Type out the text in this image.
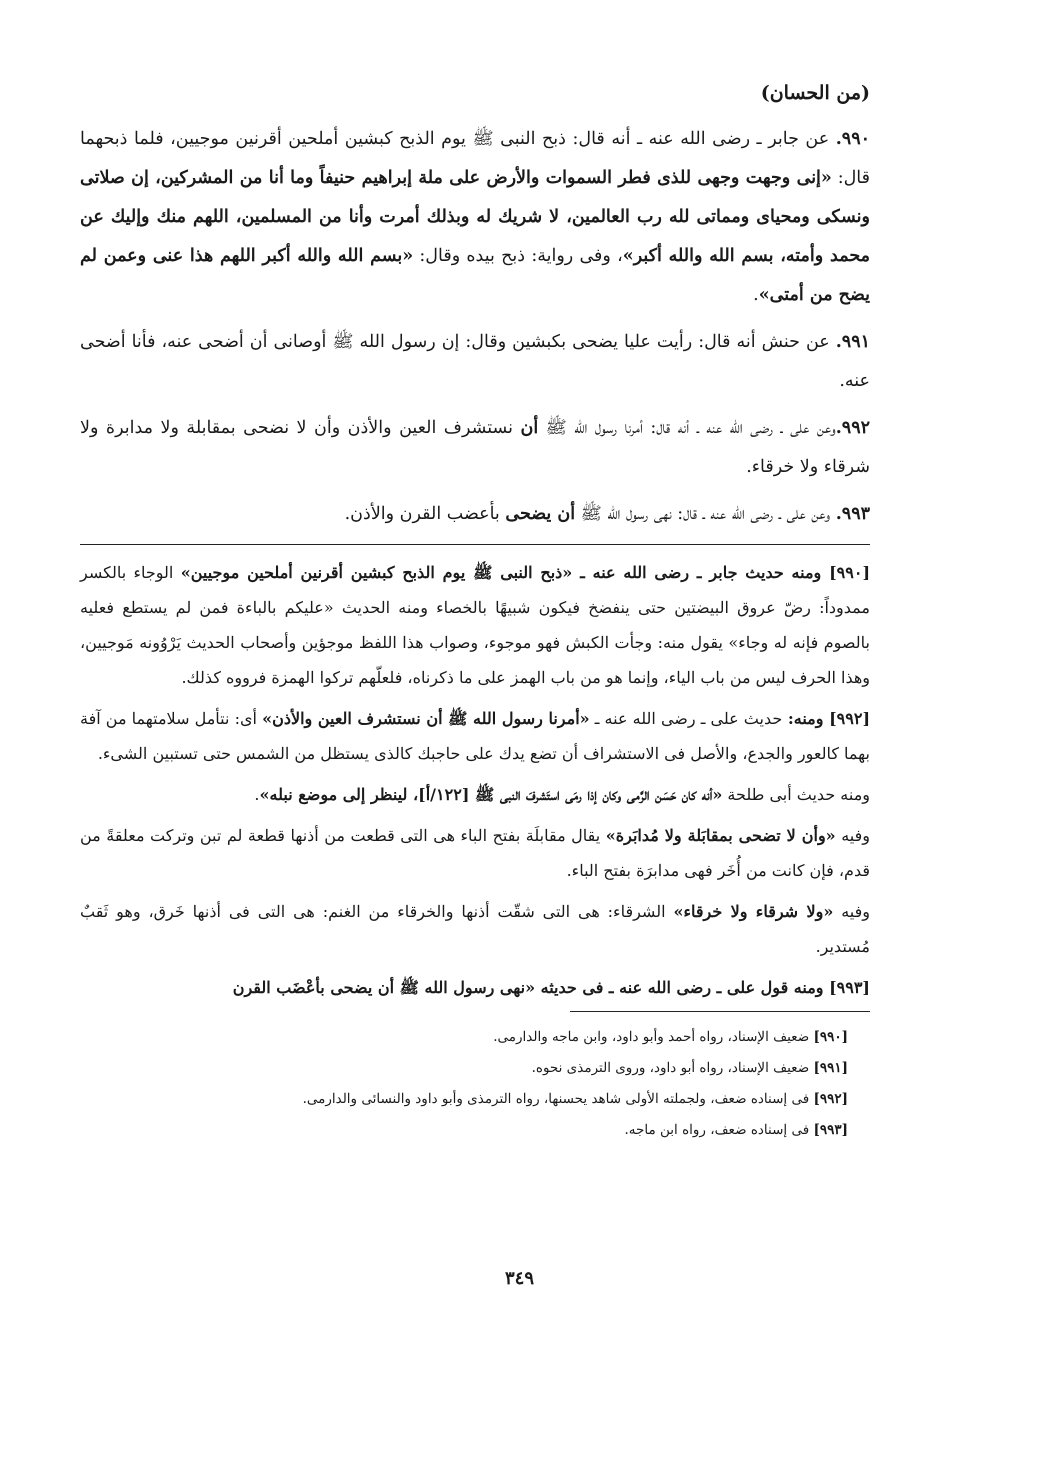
(من الحسان)

٩٩٠. عن جابر ـ رضى الله عنه ـ أنه قال: ذبح النبى ﷺ يوم الذبح كبشين أملحين أقرنين موجيين، فلما ذبحهما قال: «إنى وجهت وجهى للذى فطر السموات والأرض على ملة إبراهيم حنيفاً وما أنا من المشركين، إن صلاتى ونسكى ومحياى ومماتى لله رب العالمين، لا شريك له وبذلك أمرت وأنا من المسلمين، اللهم منك وإليك عن محمد وأمته، بسم الله والله أكبر»، وفى رواية: ذبح بيده وقال: «بسم الله والله أكبر اللهم هذا عنى وعمن لم يضح من أمتى».

٩٩١. عن حنش أنه قال: رأيت عليا يضحى بكبشين وقال: إن رسول الله ﷺ أوصانى أن أضحى عنه، فأنا أضحى عنه.

٩٩٢.وعن على ـ رضى الله عنه ـ أنه قال: أمرنا رسول الله ﷺ أن نستشرف العين والأذن وأن لا نضحى بمقابلة ولا مدابرة ولا شرقاء ولا خرقاء.

٩٩٣. وعن على ـ رضى الله عنه ـ قال: نهى رسول الله ﷺ أن يضحى بأعضب القرن والأذن.

[٩٩٠] ومنه حديث جابر ـ رضى الله عنه ـ «ذبح النبى ﷺ يوم الذبح كبشين أقرنين أملحين موجيين» الوجاء بالكسر ممدوداً: رضّ عروق البيضتين حتى ينفضخ فيكون شبيهًا بالخصاء ومنه الحديث «عليكم بالباءة فمن لم يستطع فعليه بالصوم فإنه له وجاء» يقول منه: وجأت الكبش فهو موجوء، وصواب هذا اللفظ موجؤين وأصحاب الحديث يَرْوُونه مَوجيين، وهذا الحرف ليس من باب الياء، وإنما هو من باب الهمز على ما ذكرناه، فلعلّهم تركوا الهمزة فرووه كذلك.

[٩٩٢] ومنه: حديث على ـ رضى الله عنه ـ «أمرنا رسول الله ﷺ أن نستشرف العين والأذن» أى: نتأمل سلامتهما من آفة بهما كالعور والجدع، والأصل فى الاستشراف أن تضع يدك على حاجبك كالذى يستظل من الشمس حتى تستبين الشىء.

ومنه حديث أبى طلحة «أنه كان حَسَن الرَّمى وكان إذا رمَى استَشرفَ النبى ﷺ [١٢٢/أ]، لينظر إلى موضع نبله».

وفيه «وأن لا تضحى بمقابَلة ولا مُدابَرة» يقال مقابلَة بفتح الباء هى التى قطعت من أذنها قطعة لم تبن وتركت معلقةً من قدم، فإن كانت من أُخَر فهى مدابرَة بفتح الباء.

وفيه «ولا شرقاء ولا خرقاء» الشرقاء: هى التى شقّت أذنها والخرقاء من الغنم: هى التى فى أذنها خَرق، وهو ثَقبٌ مُستدير.

[٩٩٣] ومنه قول على ـ رضى الله عنه ـ فى حديثه «نهى رسول الله ﷺ أن يضحى بأعْضَب القرن

[٩٩٠] ضعيف الإسناد، رواه أحمد وأبو داود، وابن ماجه والدارمى.

[٩٩١] ضعيف الإسناد، رواه أبو داود، وروى الترمذى نحوه.

[٩٩٢] فى إسناده ضعف، ولجملته الأولى شاهد يحسنها، رواه الترمذى وأبو داود والنسائى والدارمى.

[٩٩٣] فى إسناده ضعف، رواه ابن ماجه.

٣٤٩
